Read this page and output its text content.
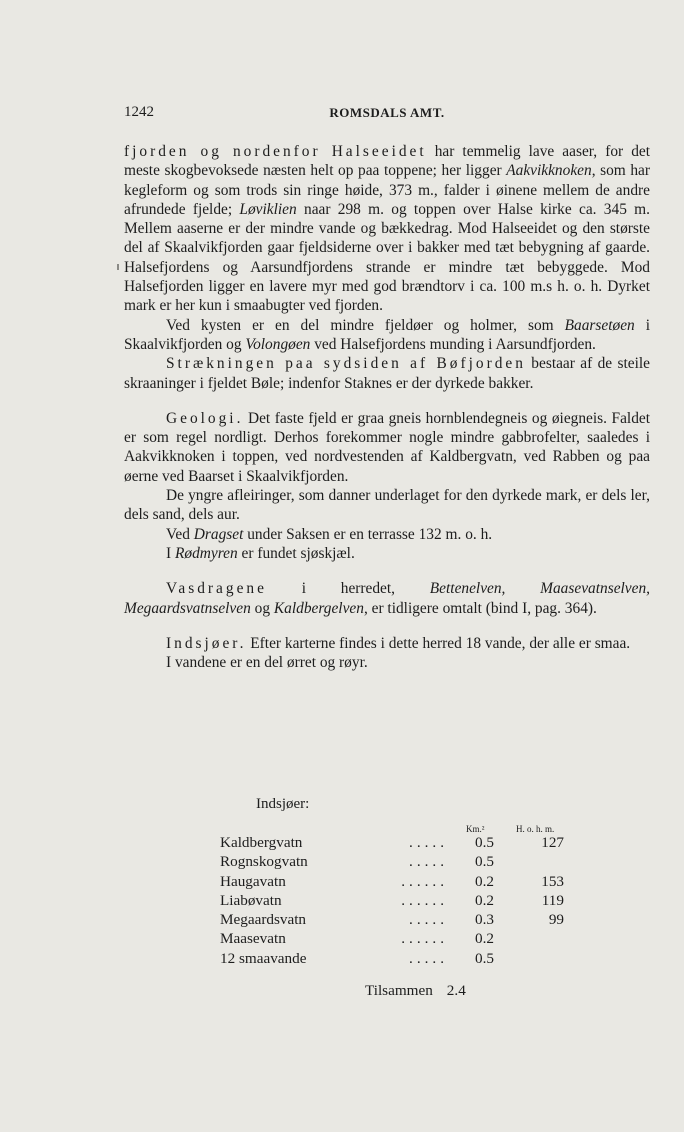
1242	ROMSDALS AMT.

fjorden og nordenfor Halseeidet har temmelig lave aaser, for det meste skogbevoksede næsten helt op paa toppene; her ligger Aakvikknoken, som har kegleform og som trods sin ringe høide, 373 m., falder i øinene mellem de andre afrundede fjelde; Løviklien naar 298 m. og toppen over Halse kirke ca. 345 m. Mellem aaserne er der mindre vande og bækkedrag. Mod Halseeidet og den største del af Skaalvikfjorden gaar fjeldsiderne over i bakker med tæt bebygning af gaarde. Halsefjordens og Aarsundfjordens strande er mindre tæt bebyggede. Mod Halsefjorden ligger en lavere myr med god brændtorv i ca. 100 m.s h. o. h. Dyrket mark er her kun i smaabugter ved fjorden.

Ved kysten er en del mindre fjeldøer og holmer, som Baarsetøen i Skaalvikfjorden og Volongøen ved Halsefjordens munding i Aarsundfjorden.

Strækningen paa sydsiden af Bøfjorden bestaar af de steile skraaninger i fjeldet Bøle; indenfor Staknes er der dyrkede bakker.

Geologi. Det faste fjeld er graa gneis hornblendegneis og øiegneis. Faldet er som regel nordligt. Derhos forekommer nogle mindre gabbrofelter, saaledes i Aakvikknoken i toppen, ved nordvestenden af Kaldbergvatn, ved Rabben og paa øerne ved Baarset i Skaalvikfjorden.

De yngre afleiringer, som danner underlaget for den dyrkede mark, er dels ler, dels sand, dels aur.

Ved Dragset under Saksen er en terrasse 132 m. o. h.

I Rødmyren er fundet sjøskjæl.

Vasdragene i herredet, Bettenelven, Maasevatnselven, Megaardsvatnselven og Kaldbergelven, er tidligere omtalt (bind I, pag. 364).

Indsjøer. Efter karterne findes i dette herred 18 vande, der alle er smaa.

I vandene er en del ørret og røyr.

Indsjøer:
Km.²	H. o. h. m.
Kaldbergvatn	.....	0.5	127
Rognskogvatn	.....	0.5
Haugavatn	......	0.2	153
Liabøvatn	......	0.2	119
Megaardsvatn	.....	0.3	99
Maasevatn	......	0.2
12 smaavande	.....	0.5
Tilsammen 2.4
